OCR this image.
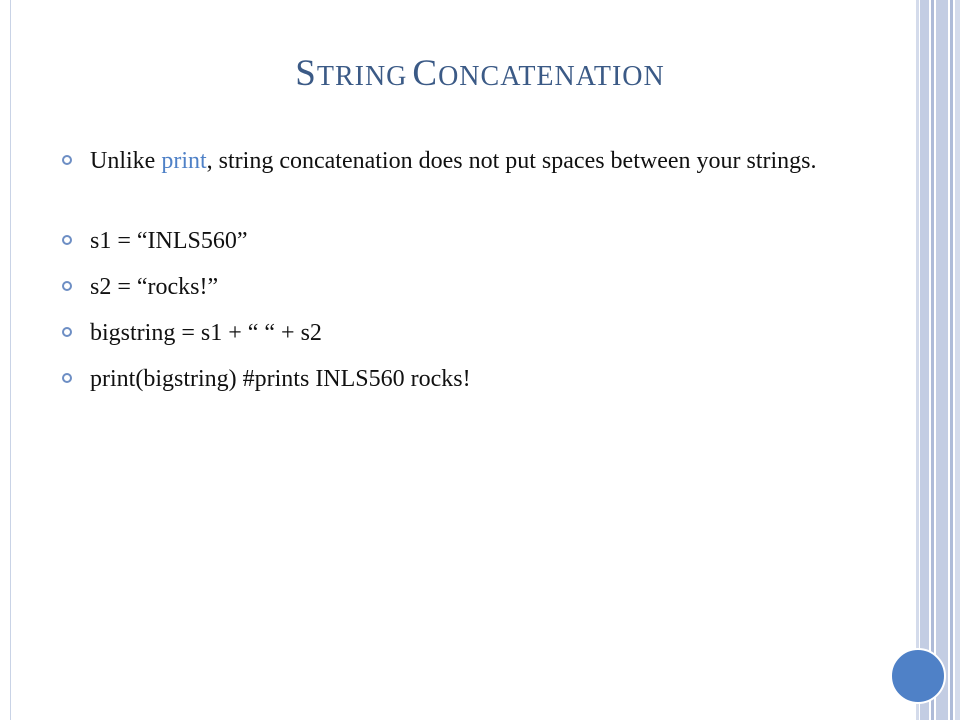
STRING CONCATENATION
Unlike print, string concatenation does not put spaces between your strings.
s1 = “INLS560”
s2 = “rocks!”
bigstring = s1 + “ “ + s2
print(bigstring) #prints INLS560 rocks!
